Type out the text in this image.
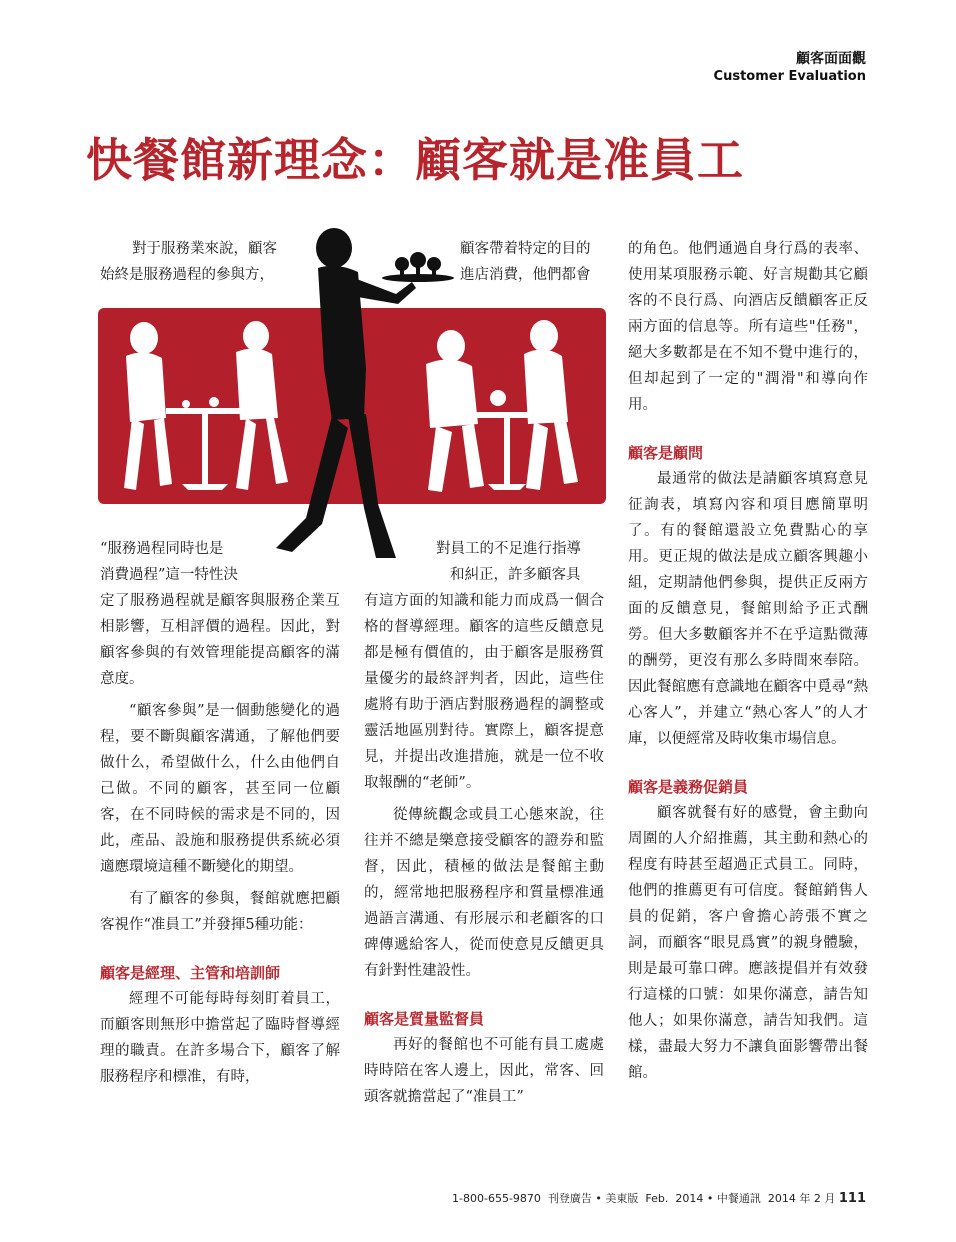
顧客面面觀
Customer Evaluation
快餐館新理念：顧客就是准員工

對于服務業來說，顧客

始終是服務過程的參與方，

顧客帶着特定的目的

進店消費，他們都會

“服務過程同時也是

消費過程”這一特性決

對員工的不足進行指導

和糾正，許多顧客具

定了服務過程就是顧客與服務企業互相影響，互相評價的過程。因此，對顧客參與的有效管理能提高顧客的滿意度。

“顧客參與”是一個動態變化的過程，要不斷與顧客溝通，了解他們要做什么，希望做什么，什么由他們自己做。不同的顧客，甚至同一位顧客，在不同時候的需求是不同的，因此，產品、設施和服務提供系統必須適應環境這種不斷變化的期望。

有了顧客的參與，餐館就應把顧客視作“准員工”并發揮5種功能：

顧客是經理、主管和培訓師

經理不可能每時每刻盯着員工，而顧客則無形中擔當起了臨時督導經理的職責。在許多場合下，顧客了解服務程序和標准，有時，

有這方面的知識和能力而成爲一個合格的督導經理。顧客的這些反饋意見都是極有價值的，由于顧客是服務質量優劣的最終評判者，因此，這些住處將有助于酒店對服務過程的調整或靈活地區別對待。實際上，顧客提意見，并提出改進措施，就是一位不收取報酬的“老師”。

從傳統觀念或員工心態來說，往往并不總是樂意接受顧客的證券和監督，因此，積極的做法是餐館主動的，經常地把服務程序和質量標准通過語言溝通、有形展示和老顧客的口碑傳遞給客人，從而使意見反饋更具有針對性建設性。

顧客是質量監督員

再好的餐館也不可能有員工處處時時陪在客人邊上，因此，常客、回頭客就擔當起了“准員工”

的角色。他們通過自身行爲的表率、使用某項服務示範、好言規勸其它顧客的不良行爲、向酒店反饋顧客正反兩方面的信息等。所有這些"任務"，絕大多數都是在不知不覺中進行的，但却起到了一定的"潤滑"和導向作用。

顧客是顧問

最通常的做法是請顧客填寫意見征詢表，填寫內容和項目應簡單明了。有的餐館還設立免費點心的享用。更正規的做法是成立顧客興趣小組，定期請他們參與，提供正反兩方面的反饋意見，餐館則給予正式酬勞。但大多數顧客并不在乎這點微薄的酬勞，更沒有那么多時間來奉陪。因此餐館應有意識地在顧客中覓尋“熱心客人”，并建立“熱心客人”的人才庫，以便經常及時收集市場信息。

顧客是義務促銷員

顧客就餐有好的感覺，會主動向周圍的人介紹推薦，其主動和熱心的程度有時甚至超過正式員工。同時，他們的推薦更有可信度。餐館銷售人員的促銷，客户會擔心誇張不實之詞，而顧客“眼見爲實”的親身體驗，則是最可靠口碑。應該提倡并有效發行這樣的口號：如果你滿意，請告知他人；如果你滿意，請告知我們。這樣，盡最大努力不讓負面影響帶出餐館。

1-800-655-9870 刊登廣告 • 美東版 Feb. 2014 • 中餐通訊 2014 年 2 月 111
